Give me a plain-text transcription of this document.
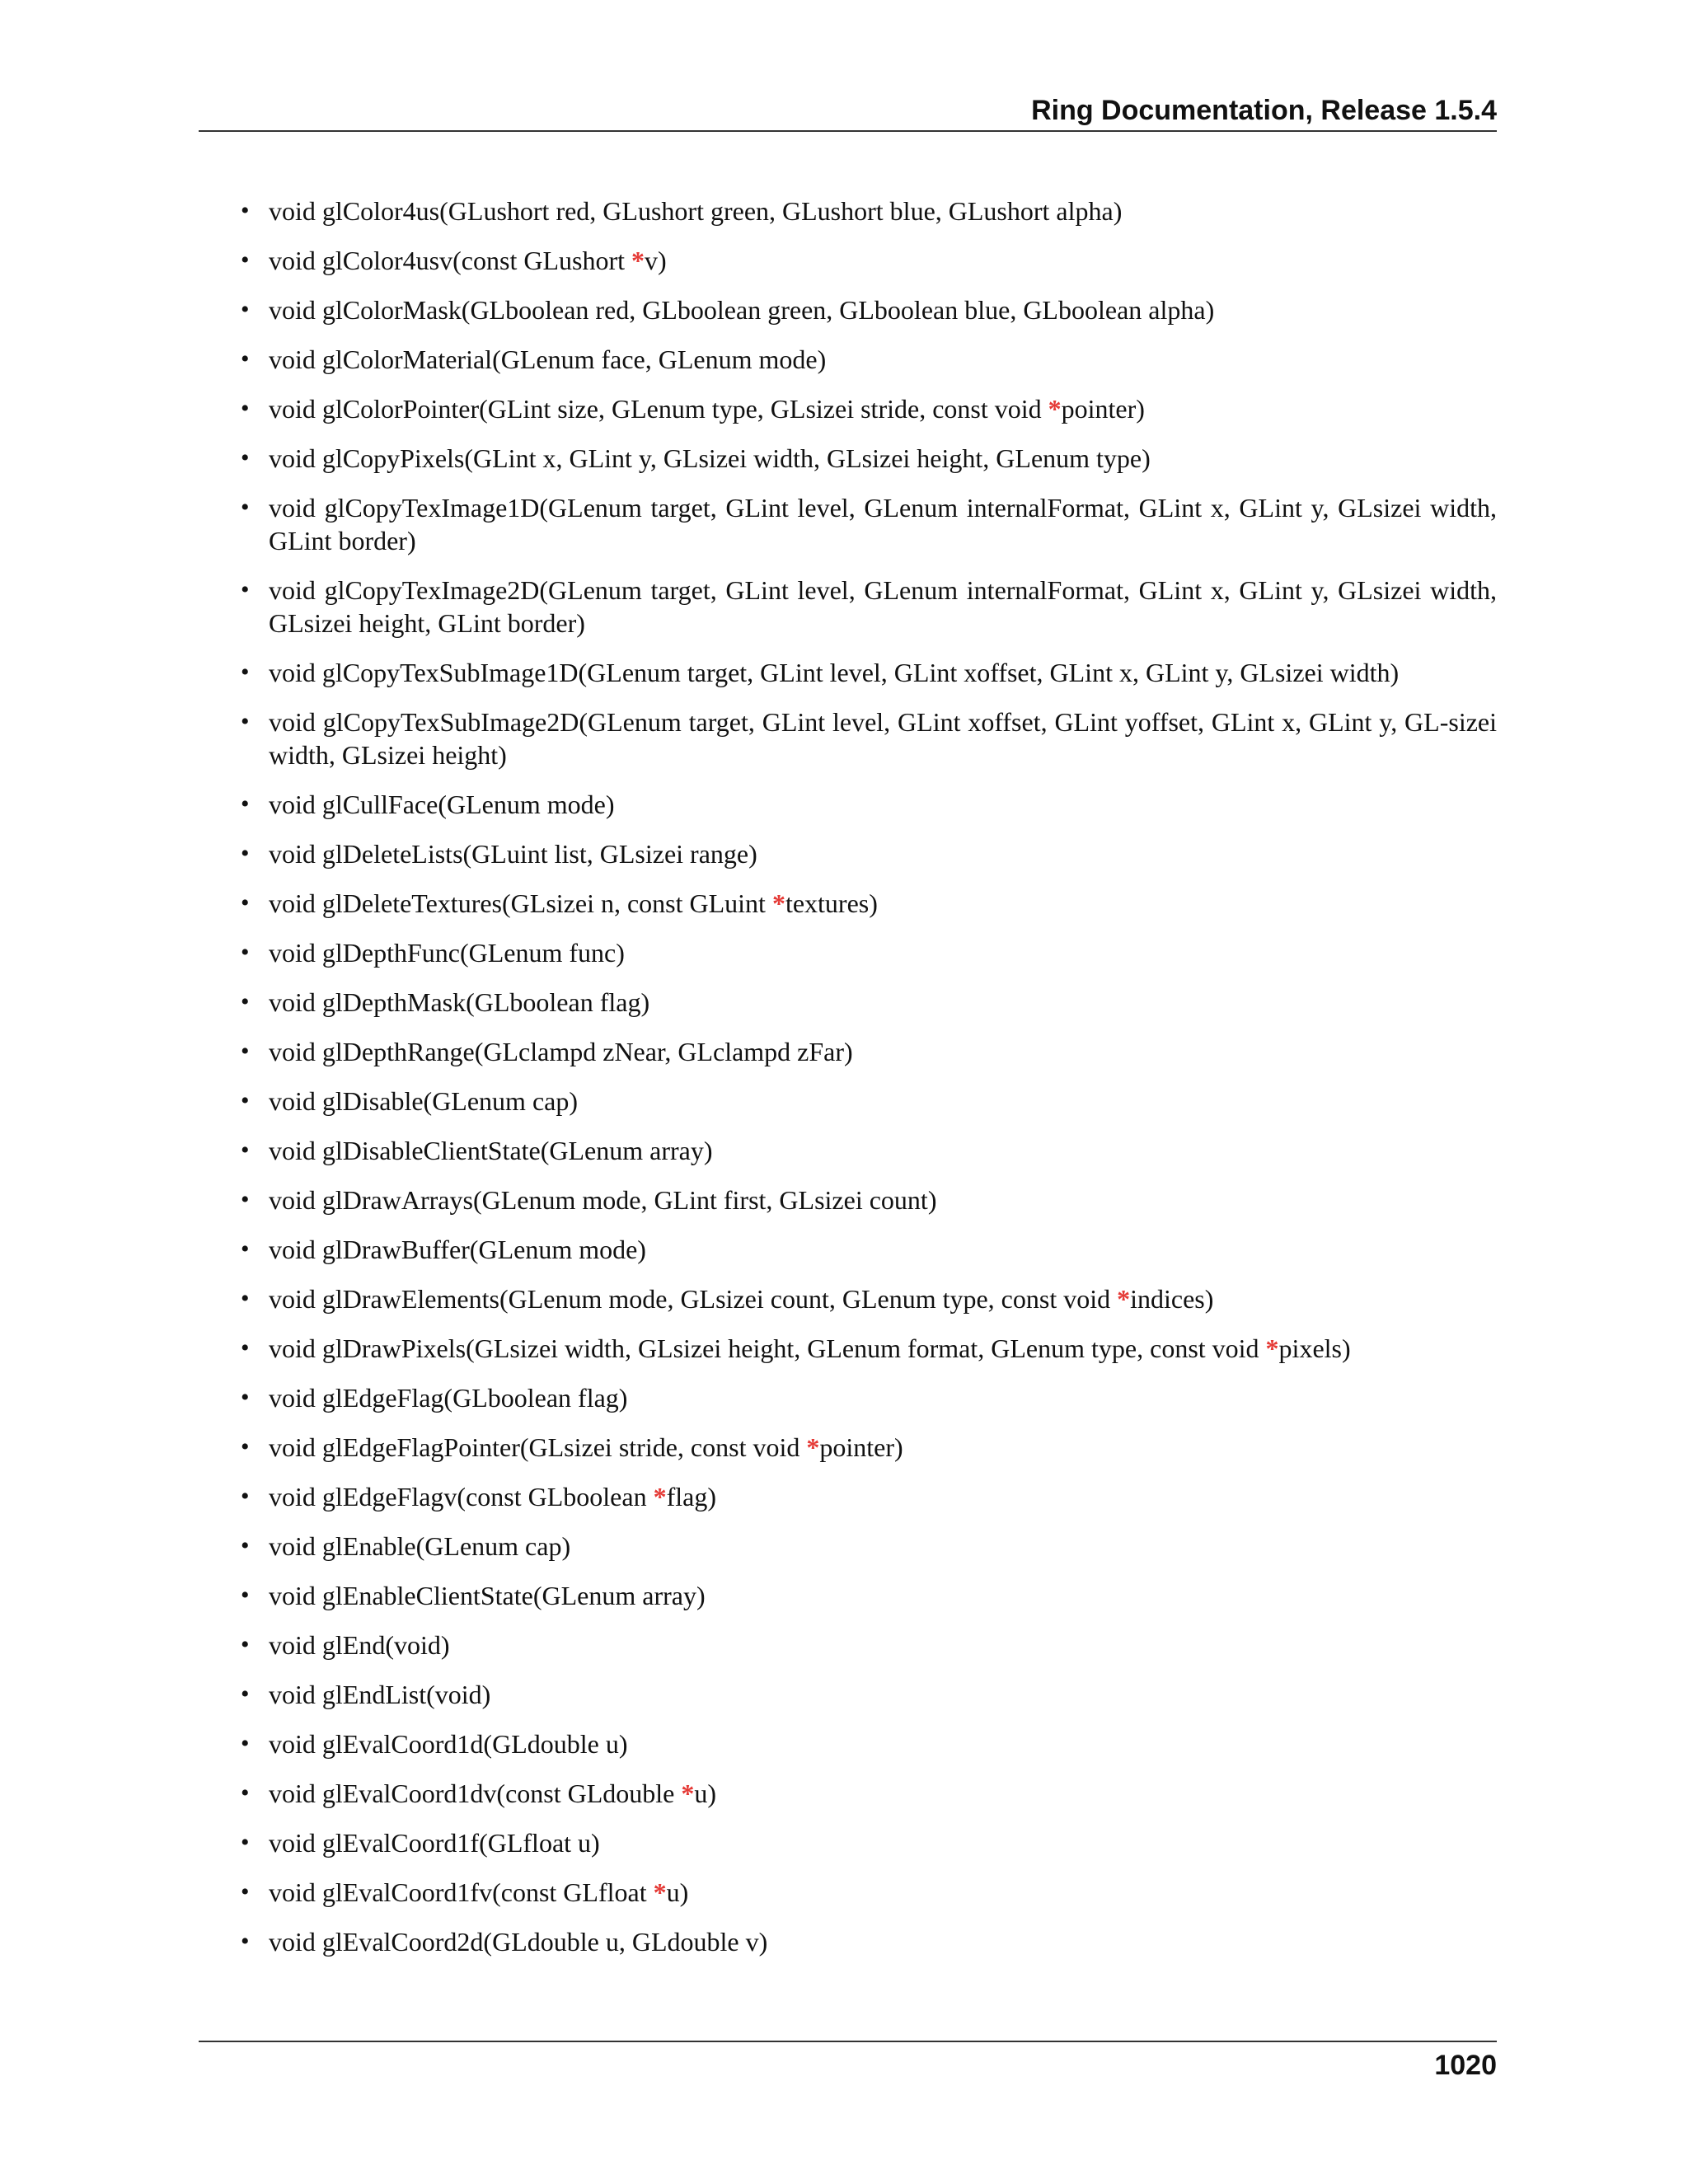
Ring Documentation, Release 1.5.4
• void glColor4us(GLushort red, GLushort green, GLushort blue, GLushort alpha)
• void glColor4usv(const GLushort *v)
• void glColorMask(GLboolean red, GLboolean green, GLboolean blue, GLboolean alpha)
• void glColorMaterial(GLenum face, GLenum mode)
• void glColorPointer(GLint size, GLenum type, GLsizei stride, const void *pointer)
• void glCopyPixels(GLint x, GLint y, GLsizei width, GLsizei height, GLenum type)
• void glCopyTexImage1D(GLenum target, GLint level, GLenum internalFormat, GLint x, GLint y, GLsizei width, GLint border)
• void glCopyTexImage2D(GLenum target, GLint level, GLenum internalFormat, GLint x, GLint y, GLsizei width, GLsizei height, GLint border)
• void glCopyTexSubImage1D(GLenum target, GLint level, GLint xoffset, GLint x, GLint y, GLsizei width)
• void glCopyTexSubImage2D(GLenum target, GLint level, GLint xoffset, GLint yoffset, GLint x, GLint y, GL-sizei width, GLsizei height)
• void glCullFace(GLenum mode)
• void glDeleteLists(GLuint list, GLsizei range)
• void glDeleteTextures(GLsizei n, const GLuint *textures)
• void glDepthFunc(GLenum func)
• void glDepthMask(GLboolean flag)
• void glDepthRange(GLclampd zNear, GLclampd zFar)
• void glDisable(GLenum cap)
• void glDisableClientState(GLenum array)
• void glDrawArrays(GLenum mode, GLint first, GLsizei count)
• void glDrawBuffer(GLenum mode)
• void glDrawElements(GLenum mode, GLsizei count, GLenum type, const void *indices)
• void glDrawPixels(GLsizei width, GLsizei height, GLenum format, GLenum type, const void *pixels)
• void glEdgeFlag(GLboolean flag)
• void glEdgeFlagPointer(GLsizei stride, const void *pointer)
• void glEdgeFlagv(const GLboolean *flag)
• void glEnable(GLenum cap)
• void glEnableClientState(GLenum array)
• void glEnd(void)
• void glEndList(void)
• void glEvalCoord1d(GLdouble u)
• void glEvalCoord1dv(const GLdouble *u)
• void glEvalCoord1f(GLfloat u)
• void glEvalCoord1fv(const GLfloat *u)
• void glEvalCoord2d(GLdouble u, GLdouble v)
1020
